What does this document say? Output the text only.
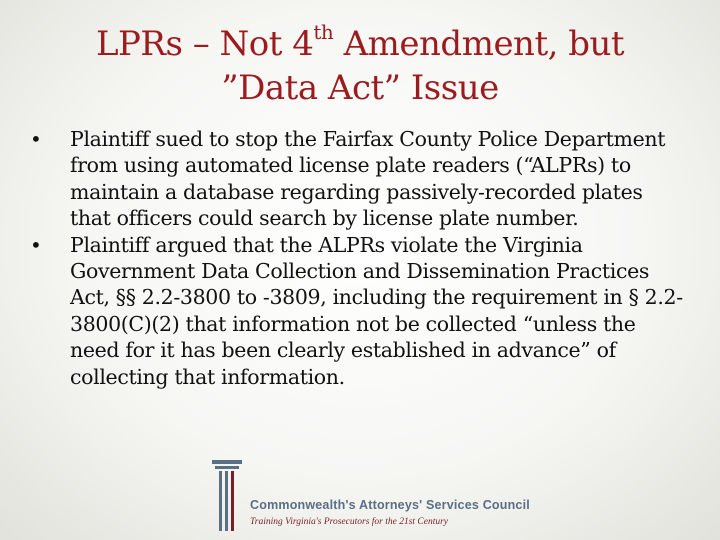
LPRs – Not 4th Amendment, but
”Data Act” Issue
• Plaintiff sued to stop the Fairfax County Police Department from using automated license plate readers (“ALPRs) to maintain a database regarding passively-recorded plates that officers could search by license plate number.
• Plaintiff argued that the ALPRs violate the Virginia Government Data Collection and Dissemination Practices Act, §§ 2.2-3800 to -3809, including the requirement in § 2.2-3800(C)(2) that information not be collected “unless the need for it has been clearly established in advance” of collecting that information.
Commonwealth's Attorneys' Services Council
Training Virginia's Prosecutors for the 21st Century
